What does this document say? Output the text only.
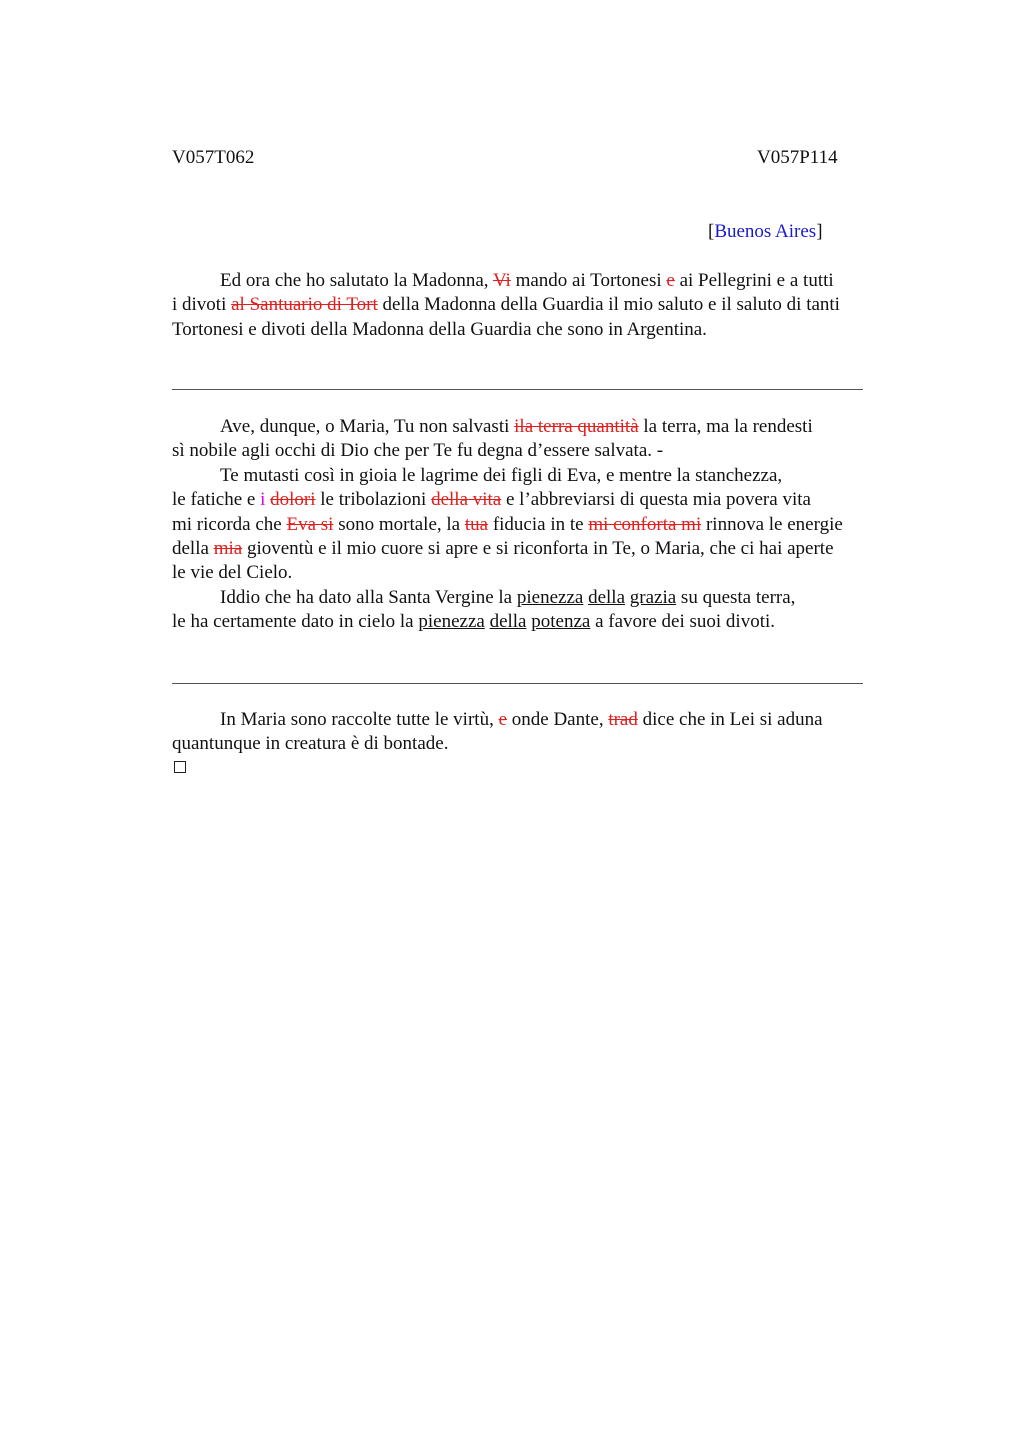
V057T062	V057P114
[Buenos Aires]
Ed ora che ho salutato la Madonna, Vi mando ai Tortonesi e ai Pellegrini e a tutti
i divoti al Santuario di Tort della Madonna della Guardia il mio saluto e il saluto di tanti
Tortonesi e divoti della Madonna della Guardia che sono in Argentina.
Ave, dunque, o Maria, Tu non salvasti ila terra quantità la terra, ma la rendesti
sì nobile agli occhi di Dio che per Te fu degna d’essere salvata. -
Te mutasti così in gioia le lagrime dei figli di Eva, e mentre la stanchezza,
le fatiche e i dolori le tribolazioni della vita e l’abbreviarsi di questa mia povera vita
mi ricorda che Eva si sono mortale, la tua fiducia in te mi conforta mi rinnova le energie
della mia gioventù e il mio cuore si apre e si riconforta in Te, o Maria, che ci hai aperte
le vie del Cielo.
Iddio che ha dato alla Santa Vergine la pienezza della grazia su questa terra,
le ha certamente dato in cielo la pienezza della potenza a favore dei suoi divoti.
In Maria sono raccolte tutte le virtù, e onde Dante, trad dice che in Lei si aduna
quantunque in creatura è di bontade.
